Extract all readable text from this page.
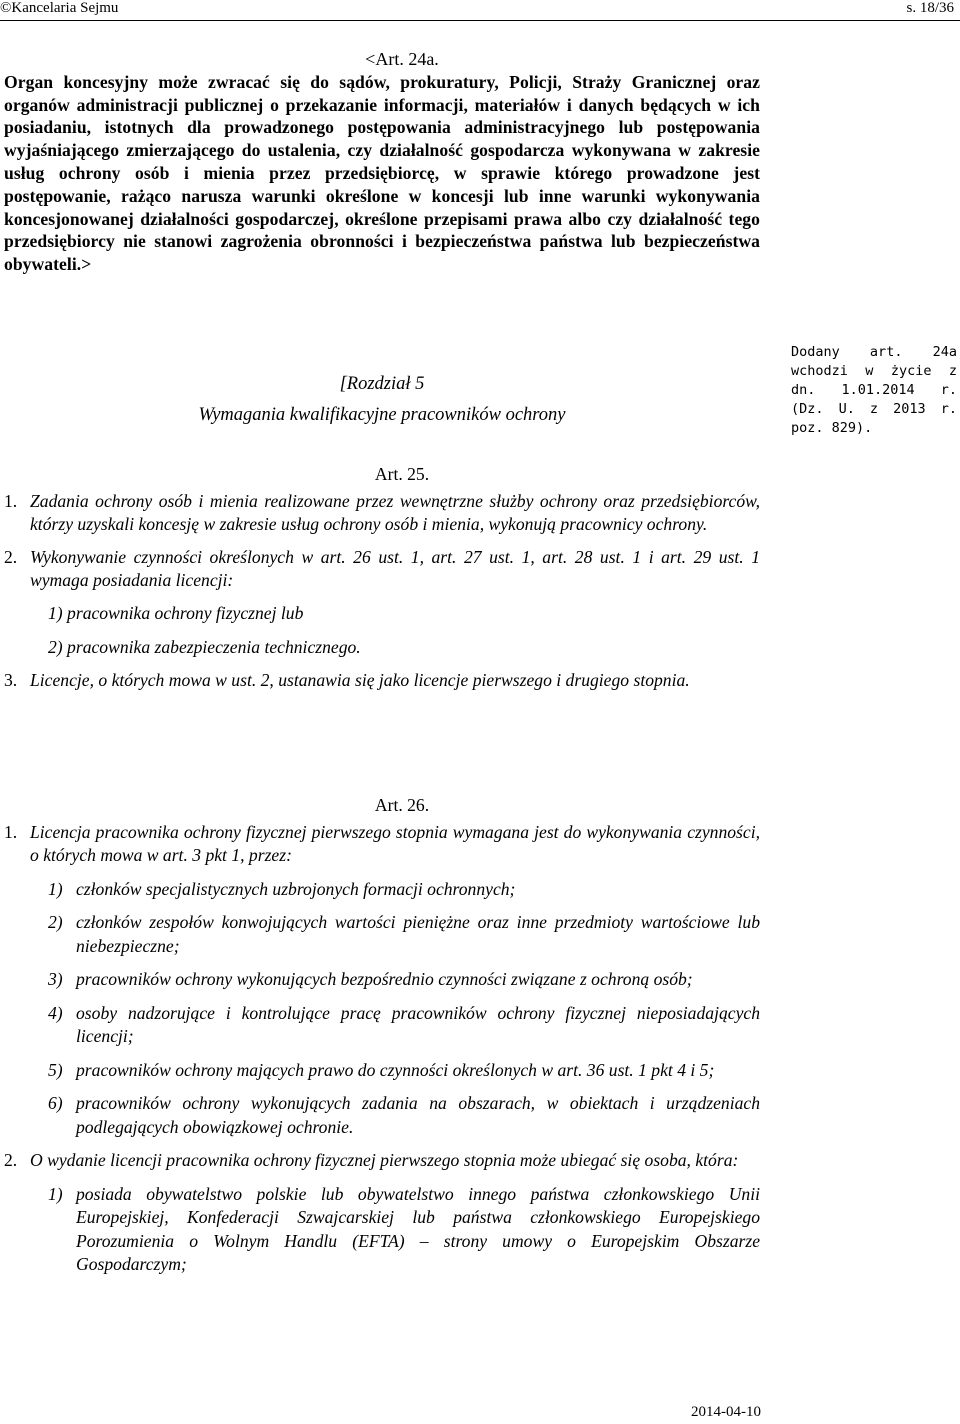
©Kancelaria Sejmu	s. 18/36
<Art. 24a.
Organ koncesyjny może zwracać się do sądów, prokuratury, Policji, Straży Granicznej oraz organów administracji publicznej o przekazanie informacji, materiałów i danych będących w ich posiadaniu, istotnych dla prowadzonego postępowania administracyjnego lub postępowania wyjaśniającego zmierzającego do ustalenia, czy działalność gospodarcza wykonywana w zakresie usług ochrony osób i mienia przez przedsiębiorcę, w sprawie którego prowadzone jest postępowanie, rażąco narusza warunki określone w koncesji lub inne warunki wykonywania koncesjonowanej działalności gospodarczej, określone przepisami prawa albo czy działalność tego przedsiębiorcy nie stanowi zagrożenia obronności i bezpieczeństwa państwa lub bezpieczeństwa obywateli.>
[Rozdział 5
Wymagania kwalifikacyjne pracowników ochrony
Dodany art. 24a wchodzi w życie z dn. 1.01.2014 r. (Dz. U. z 2013 r. poz. 829).
Art. 25.
1. Zadania ochrony osób i mienia realizowane przez wewnętrzne służby ochrony oraz przedsiębiorców, którzy uzyskali koncesję w zakresie usług ochrony osób i mienia, wykonują pracownicy ochrony.
2. Wykonywanie czynności określonych w art. 26 ust. 1, art. 27 ust. 1, art. 28 ust. 1 i art. 29 ust. 1 wymaga posiadania licencji:
1) pracownika ochrony fizycznej lub
2) pracownika zabezpieczenia technicznego.
3. Licencje, o których mowa w ust. 2, ustanawia się jako licencje pierwszego i drugiego stopnia.
Art. 26.
1. Licencja pracownika ochrony fizycznej pierwszego stopnia wymagana jest do wykonywania czynności, o których mowa w art. 3 pkt 1, przez:
1) członków specjalistycznych uzbrojonych formacji ochronnych;
2) członków zespołów konwojujących wartości pieniężne oraz inne przedmioty wartościowe lub niebezpieczne;
3) pracowników ochrony wykonujących bezpośrednio czynności związane z ochroną osób;
4) osoby nadzorujące i kontrolujące pracę pracowników ochrony fizycznej nieposiadających licencji;
5) pracowników ochrony mających prawo do czynności określonych w art. 36 ust. 1 pkt 4 i 5;
6) pracowników ochrony wykonujących zadania na obszarach, w obiektach i urządzeniach podlegających obowiązkowej ochronie.
2. O wydanie licencji pracownika ochrony fizycznej pierwszego stopnia może ubiegać się osoba, która:
1) posiada obywatelstwo polskie lub obywatelstwo innego państwa członkowskiego Unii Europejskiej, Konfederacji Szwajcarskiej lub państwa członkowskiego Europejskiego Porozumienia o Wolnym Handlu (EFTA) – strony umowy o Europejskim Obszarze Gospodarczym;
2014-04-10
